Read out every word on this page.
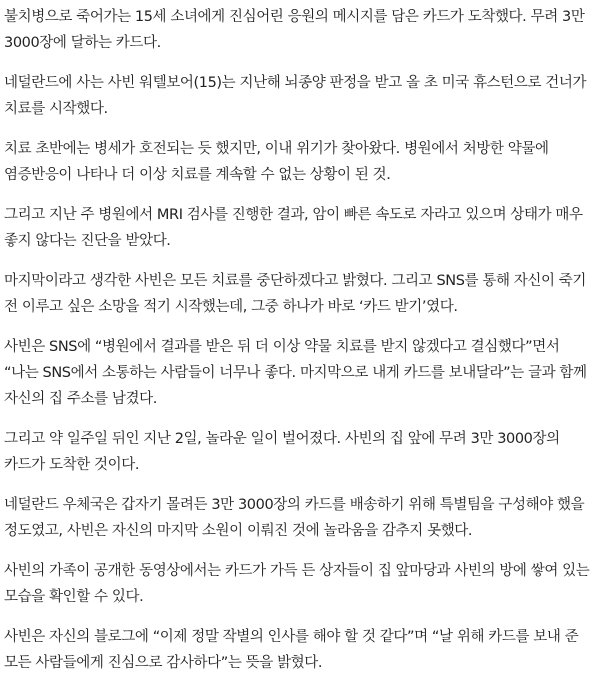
불치병으로 죽어가는 15세 소녀에게 진심어린 응원의 메시지를 담은 카드가 도착했다. 무려 3만 3000장에 달하는 카드다.

네덜란드에 사는 사빈 워텔보어(15)는 지난해 뇌종양 판정을 받고 올 초 미국 휴스턴으로 건너가 치료를 시작했다.

치료 초반에는 병세가 호전되는 듯 했지만, 이내 위기가 찾아왔다. 병원에서 처방한 약물에 염증반응이 나타나 더 이상 치료를 계속할 수 없는 상황이 된 것.

그리고 지난 주 병원에서 MRI 검사를 진행한 결과, 암이 빠른 속도로 자라고 있으며 상태가 매우 좋지 않다는 진단을 받았다.

마지막이라고 생각한 사빈은 모든 치료를 중단하겠다고 밝혔다. 그리고 SNS를 통해 자신이 죽기 전 이루고 싶은 소망을 적기 시작했는데, 그중 하나가 바로 ‘카드 받기’였다.

사빈은 SNS에 “병원에서 결과를 받은 뒤 더 이상 약물 치료를 받지 않겠다고 결심했다”면서 “나는 SNS에서 소통하는 사람들이 너무나 좋다. 마지막으로 내게 카드를 보내달라”는 글과 함께 자신의 집 주소를 남겼다.

그리고 약 일주일 뒤인 지난 2일, 놀라운 일이 벌어졌다. 사빈의 집 앞에 무려 3만 3000장의 카드가 도착한 것이다.

네덜란드 우체국은 갑자기 몰려든 3만 3000장의 카드를 배송하기 위해 특별팀을 구성해야 했을 정도였고, 사빈은 자신의 마지막 소원이 이뤄진 것에 놀라움을 감추지 못했다.

사빈의 가족이 공개한 동영상에서는 카드가 가득 든 상자들이 집 앞마당과 사빈의 방에 쌓여 있는 모습을 확인할 수 있다.

사빈은 자신의 블로그에 “이제 정말 작별의 인사를 해야 할 것 같다”며 “날 위해 카드를 보내 준 모든 사람들에게 진심으로 감사하다”는 뜻을 밝혔다.
